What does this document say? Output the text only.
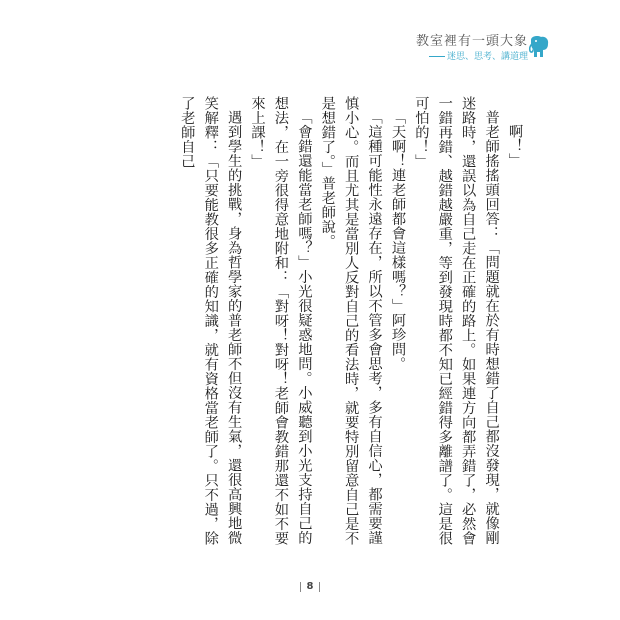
教室裡有一頭大象
迷思、思考、講道理

啊！」

普老師搖搖頭回答：「問題就在於有時想錯了自己都沒發現，就像剛迷路時，還誤以為自己走在正確的路上。如果連方向都弄錯了，必然會一錯再錯、越錯越嚴重，等到發現時都不知已經錯得多離譜了。這是很可怕的！」

「天啊！連老師都會這樣嗎？」阿珍問。

「這種可能性永遠存在，所以不管多會思考，多有自信心，都需要謹慎小心。而且尤其是當別人反對自己的看法時，就要特別留意自己是不是想錯了。」普老師說。

「會錯還能當老師嗎？」小光很疑惑地問。小威聽到小光支持自己的想法，在一旁很得意地附和：「對呀！對呀！老師會教錯那還不如不要來上課！」

遇到學生的挑戰，身為哲學家的普老師不但沒有生氣，還很高興地微笑解釋：「只要能教很多正確的知識，就有資格當老師了。只不過，除了老師自己

8
